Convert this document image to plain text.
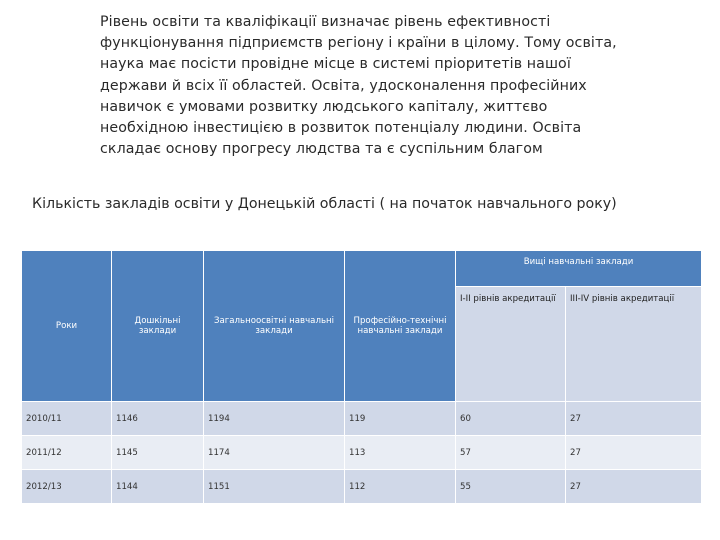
Рівень освіти та кваліфікації визначає рівень ефективності функціонування підприємств регіону і країни в цілому. Тому освіта, наука має посісти провідне місце в системі пріоритетів нашої держави й всіх її областей. Освіта, удосконалення професійних навичок є умовами розвитку людського капіталу, життєво необхідною інвестицією в розвиток потенціалу людини. Освіта складає основу прогресу людства та є суспільним благом
Кількість закладів освіти у Донецькій області ( на початок навчального року)
Роки	Дошкільні заклади	Загальноосвітні навчальні заклади	Професійно-технічні навчальні заклади	Вищі навчальні заклади	
				І-ІІ рівнів акредитації	ІІІ-ІV рівнів акредитації
2010/11	1146	1194	119	60	27
2011/12	1145	1174	113	57	27
2012/13	1144	1151	112	55	27
